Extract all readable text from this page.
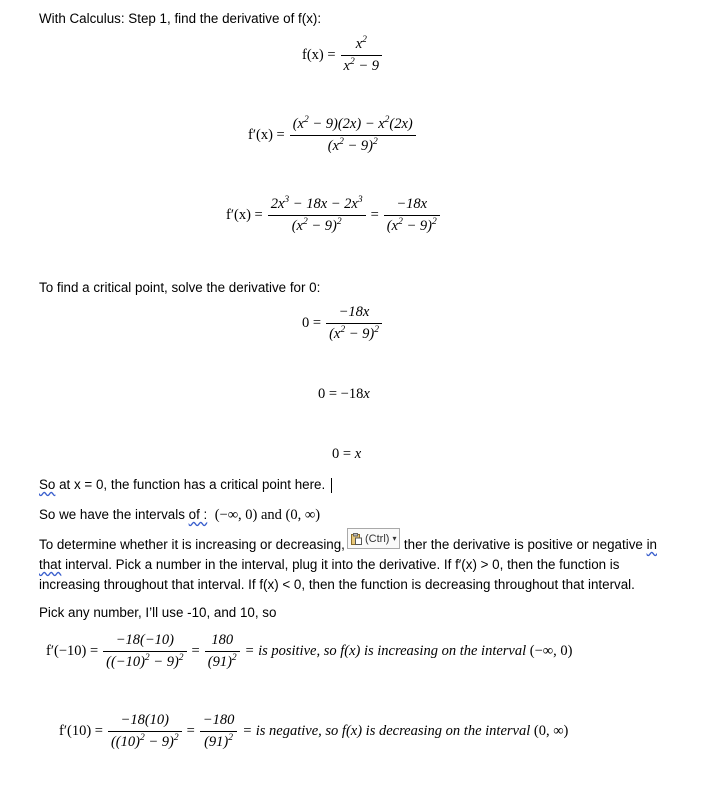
With Calculus: Step 1, find the derivative of f(x):
$f(x) = \frac{x^2}{x^2 - 9}$
$f'(x) = \frac{(x^2 - 9)(2x) - x^2(2x)}{(x^2 - 9)^2}$
$f'(x) = \frac{2x^3 - 18x - 2x^3}{(x^2 - 9)^2} = \frac{-18x}{(x^2 - 9)^2}$
To find a critical point, solve the derivative for 0:
$0 = \frac{-18x}{(x^2 - 9)^2}$
0 = −18x
0 = x
So at x = 0, the function has a critical point here.
So we have the intervals of : (−∞, 0) and (0, ∞)
(Ctrl) ▾
To determine whether it is increasing or decreasing,	ther the derivative is positive or negative in that interval. Pick a number in the interval, plug it into the derivative. If f′(x) > 0, then the function is increasing throughout that interval. If f(x) < 0, then the function is decreasing throughout that interval.
Pick any number, I’ll use -10, and 10, so
$f'(-10) = \frac{-18(-10)}{((-10)^2 - 9)^2} = \frac{180}{(91)^2}$ = is positive, so f(x) is increasing on the interval (−∞, 0)
$f'(10) = \frac{-18(10)}{((10)^2 - 9)^2} = \frac{-180}{(91)^2}$ = is negative, so f(x) is decreasing on the interval (0, ∞)
